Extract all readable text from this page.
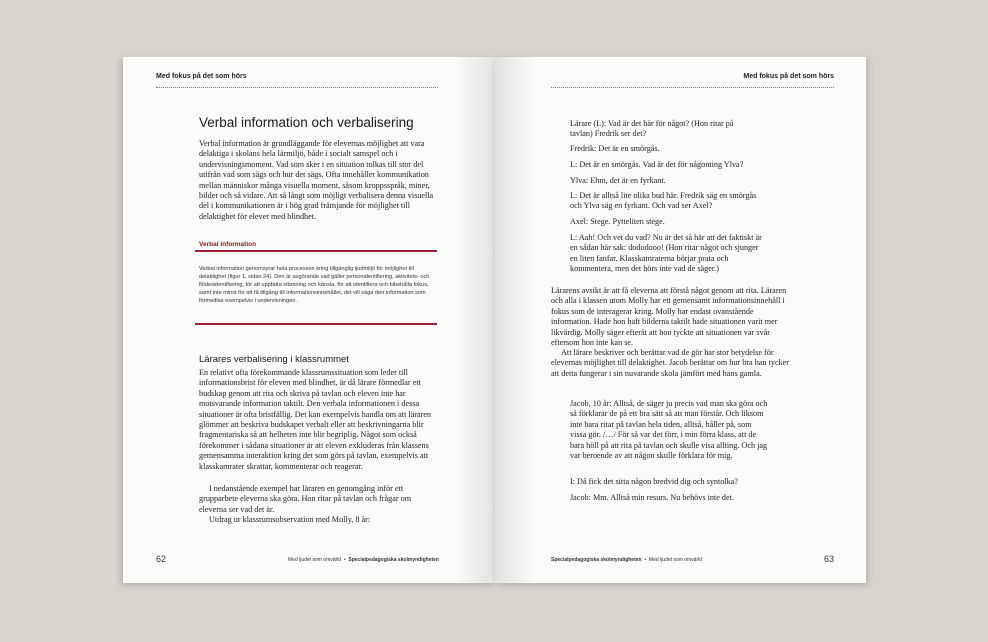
Med fokus på det som hörs
Verbal information och verbalisering

Verbal information är grundläggande för elevernas möjlighet att vara delaktiga i skolans hela lärmiljö, både i socialt samspel och i undervisningsmoment. Vad som sker i en situation tolkas till stor del utifrån vad som sägs och hur det sägs. Ofta innehåller kommunikation mellan människor många visuella moment, såsom kroppsspråk, miner, bilder och så vidare. Att så långt som möjligt verbalisera denna visuella del i kommunikationen är i hög grad främjande för möjlighet till delaktighet för elever med blindhet.

Verbal information

Verbal information genomsyrar hela processen kring tillgänglig ljudmiljö för möjlighet till delaktighet (figur 1, sidan 24). Den är avgörande vad gäller personidentifiering, aktivitets- och flödesidentifiering, för att uppfatta stämning och känsla, för att identifiera och bibehålla fokus, samt inte minst för att få tillgång till informationsinnehållet, det vill säga den information som förmedlas exempelvis i undervisningen.

Lärares verbalisering i klassrummet

En relativt ofta förekommande klassrumssituation som leder till informationsbrist för eleven med blindhet, är då lärare förmedlar ett budskap genom att rita och skriva på tavlan och eleven inte har motsvarande information taktilt. Den verbala informationen i dessa situationer är ofta bristfällig. Det kan exempelvis handla om att läraren glömmer att beskriva budskapet verbalt eller att beskrivningarna blir fragmentariska så att helheten inte blir begriplig. Något som också förekommer i sådana situationer är att eleven exkluderas från klassens gemensamma interaktion kring det som görs på tavlan, exempelvis att klasskamrater skrattar, kommenterar och reagerar.

I nedanstående exempel har läraren en genomgång inför ett grupparbete eleverna ska göra. Hon ritar på tavlan och frågar om eleverna ser vad det är.

Utdrag ur klassrumsobservation med Molly, 8 år:

62	Med ljudet som omvärld • Specialpedagogiska skolmyndigheten
Med fokus på det som hörs

Lärare (L): Vad är det här för något? (Hon ritar på tavlan) Fredrik ser det?

Fredrik: Det är en smörgås.

L: Det är en smörgås. Vad är det för någonting Ylva?

Ylva: Ehm, det är en fyrkant.

L: Det är alltså lite olika bud här. Fredrik säg en smörgås och Ylva säg en fyrkant. Och vad ser Axel?

Axel: Stege. Pytteliten stege.

L: Aah! Och vet du vad? Nu är det så här att det faktiskt är en sådan här sak: dododooo! (Hon ritar något och sjunger en liten fanfar. Klasskamraterna börjar prata och kommentera, men det hörs inte vad de säger.)

Lärarens avsikt är att få eleverna att förstå något genom att rita. Läraren och alla i klassen utom Molly har ett gemensamt informationsinnehåll i fokus som de interagerar kring. Molly har endast ovanstående information. Hade hon haft bilderna taktilt hade situationen varit mer likvärdig. Molly säger efteråt att hon tyckte att situationen var svår eftersom hon inte kan se.

Att lärare beskriver och berättar vad de gör har stor betydelse för elevernas möjlighet till delaktighet. Jacob berättar om hur bra han tycker att detta fungerar i sin nuvarande skola jämfört med hans gamla.

Jacob, 10 år: Alltså, de säger ju precis vad man ska göra och så förklarar de på ett bra sätt så att man förstår. Och liksom inte bara ritar på tavlan hela tiden, alltså, håller på, som vissa gör. /…/ För så var det förr, i min förra klass, att de bara höll på att rita på tavlan och skulle visa allting. Och jag var beroende av att någon skulle förklara för mig.

I: Då fick det sitta någon bredvid dig och syntolka?

Jacob: Mm. Alltså min resurs. Nu behövs inte det.

Specialpedagogiska skolmyndigheten • Med ljudet som omvärld	63
